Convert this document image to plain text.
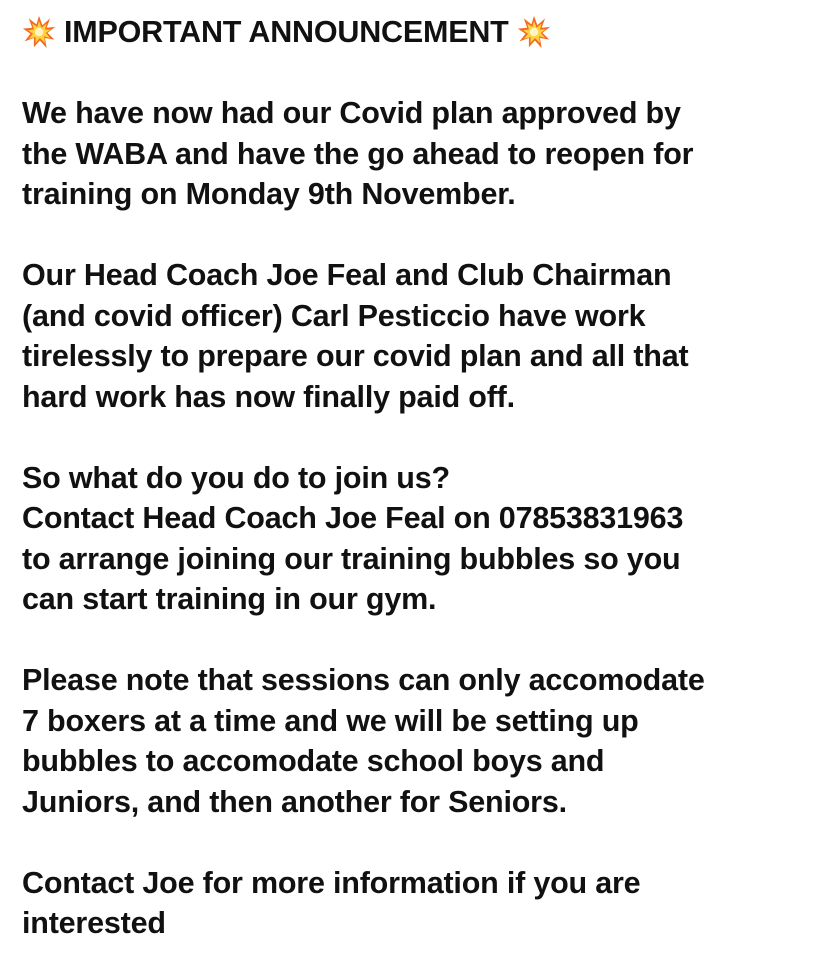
IMPORTANT ANNOUNCEMENT
We have now had our Covid plan approved by
the WABA and have the go ahead to reopen for
training on Monday 9th November.
Our Head Coach Joe Feal and Club Chairman
(and covid officer) Carl Pesticcio have work
tirelessly to prepare our covid plan and all that
hard work has now finally paid off.
So what do you do to join us?
Contact Head Coach Joe Feal on 07853831963
to arrange joining our training bubbles so you
can start training in our gym.
Please note that sessions can only accomodate
7 boxers at a time and we will be setting up
bubbles to accomodate school boys and
Juniors, and then another for Seniors.
Contact Joe for more information if you are
interested
